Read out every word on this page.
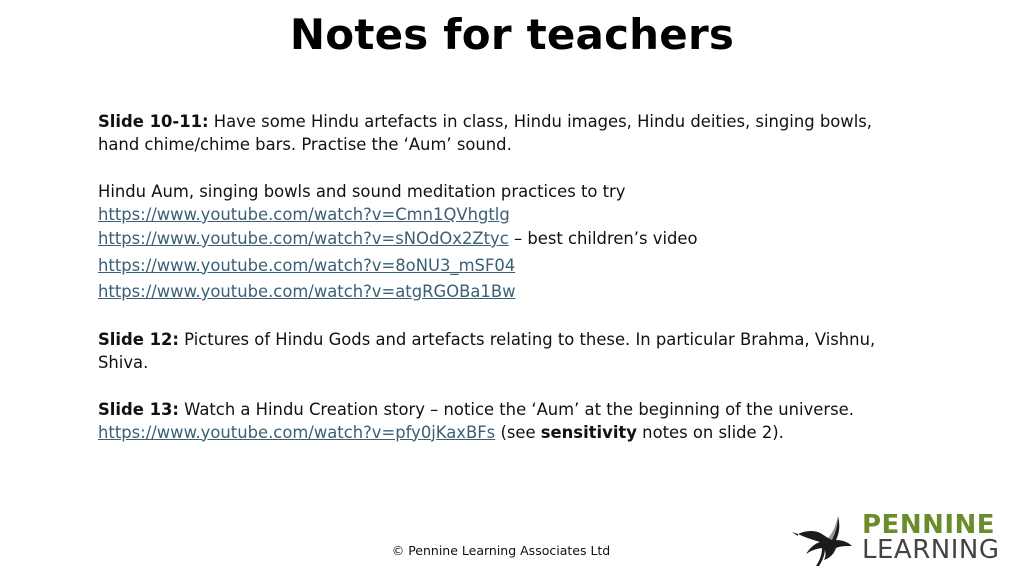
Notes for teachers

Slide 10-11: Have some Hindu artefacts in class, Hindu images, Hindu deities, singing bowls, hand chime/chime bars. Practise the ‘Aum’ sound.

Hindu Aum, singing bowls and sound meditation practices to try
https://www.youtube.com/watch?v=Cmn1QVhgtlg
https://www.youtube.com/watch?v=sNOdOx2Ztyc – best children’s video
https://www.youtube.com/watch?v=8oNU3_mSF04
https://www.youtube.com/watch?v=atgRGOBa1Bw

Slide 12: Pictures of Hindu Gods and artefacts relating to these. In particular Brahma, Vishnu, Shiva.

Slide 13: Watch a Hindu Creation story – notice the ‘Aum’ at the beginning of the universe.

https://www.youtube.com/watch?v=pfy0jKaxBFs (see sensitivity notes on slide 2).
© Pennine Learning Associates Ltd
PENNINE
LEARNING
